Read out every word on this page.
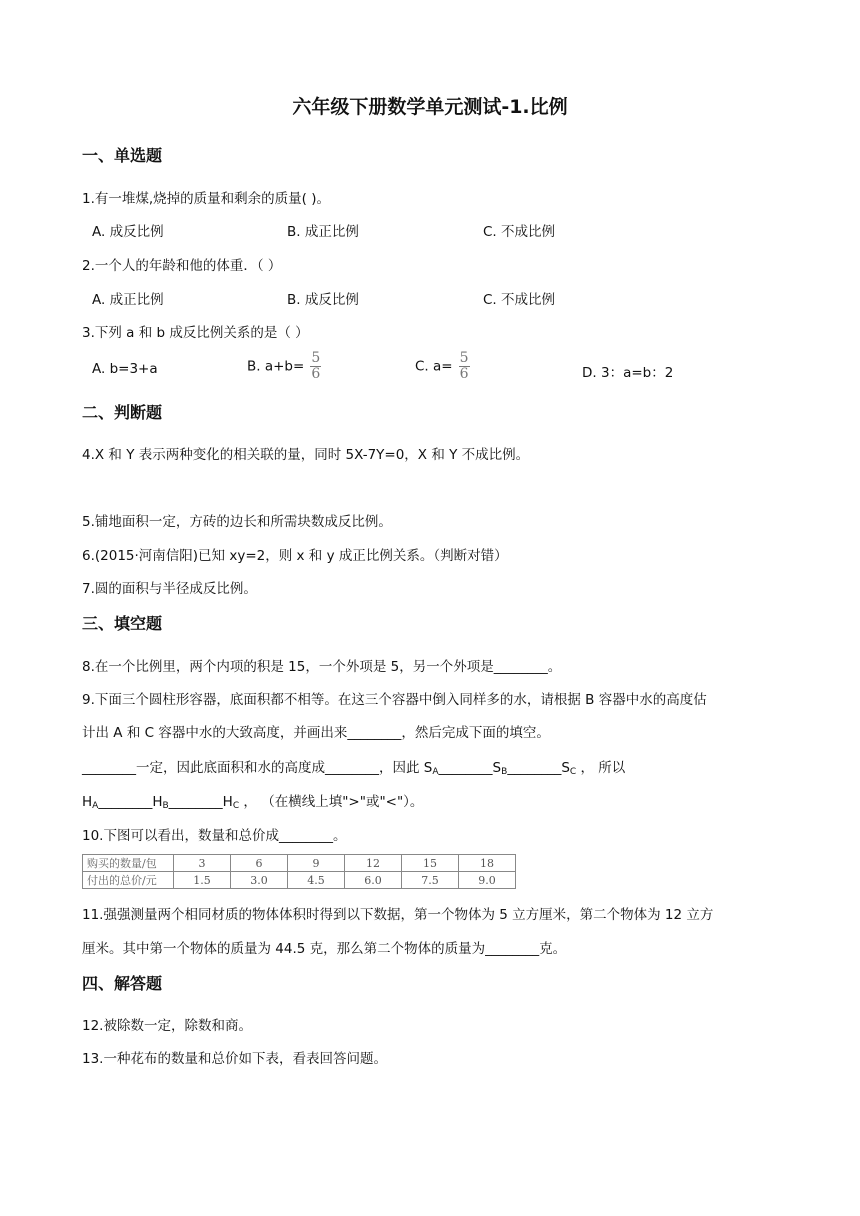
六年级下册数学单元测试-1.比例
一、单选题
1.有一堆煤,烧掉的质量和剩余的质量( )。
A. 成反比例	B. 成正比例	C. 不成比例
2.一个人的年龄和他的体重．（ ）
A. 成正比例	B. 成反比例	C. 不成比例
3.下列 a 和 b 成反比例关系的是（ ）
A. b=3+a	B. $a+b= \frac{5}{6}$	C. $a= \frac{5}{6}$	D. 3：a=b：2
二、判断题
4.X 和 Y 表示两种变化的相关联的量，同时 5X-7Y=0，X 和 Y 不成比例。
5.铺地面积一定，方砖的边长和所需块数成反比例。
6.(2015·河南信阳)已知 xy=2，则 x 和 y 成正比例关系。（判断对错）
7.圆的面积与半径成反比例。
三、填空题
8.在一个比例里，两个内项的积是 15，一个外项是 5，另一个外项是________。
9.下面三个圆柱形容器，底面积都不相等。在这三个容器中倒入同样多的水，请根据 B 容器中水的高度估
计出 A 和 C 容器中水的大致高度，并画出来________，然后完成下面的填空。
________一定，因此底面积和水的高度成________，因此 $S_A\_\_\_\_\_\_\_\_S_B\_\_\_\_\_\_\_\_S_C$ ， 所以
$H_A\_\_\_\_\_\_\_\_H_B\_\_\_\_\_\_\_\_H_C$ ， （在横线上填">"或"<"）。
10.下图可以看出，数量和总价成________。
购买的数量/包	3	6	9	12	15	18
付出的总价/元	1.5	3.0	4.5	6.0	7.5	9.0
11.强强测量两个相同材质的物体体积时得到以下数据，第一个物体为 5 立方厘米，第二个物体为 12 立方
厘米。其中第一个物体的质量为 44.5 克，那么第二个物体的质量为________克。
四、解答题
12.被除数一定，除数和商。
13.一种花布的数量和总价如下表，看表回答问题。
